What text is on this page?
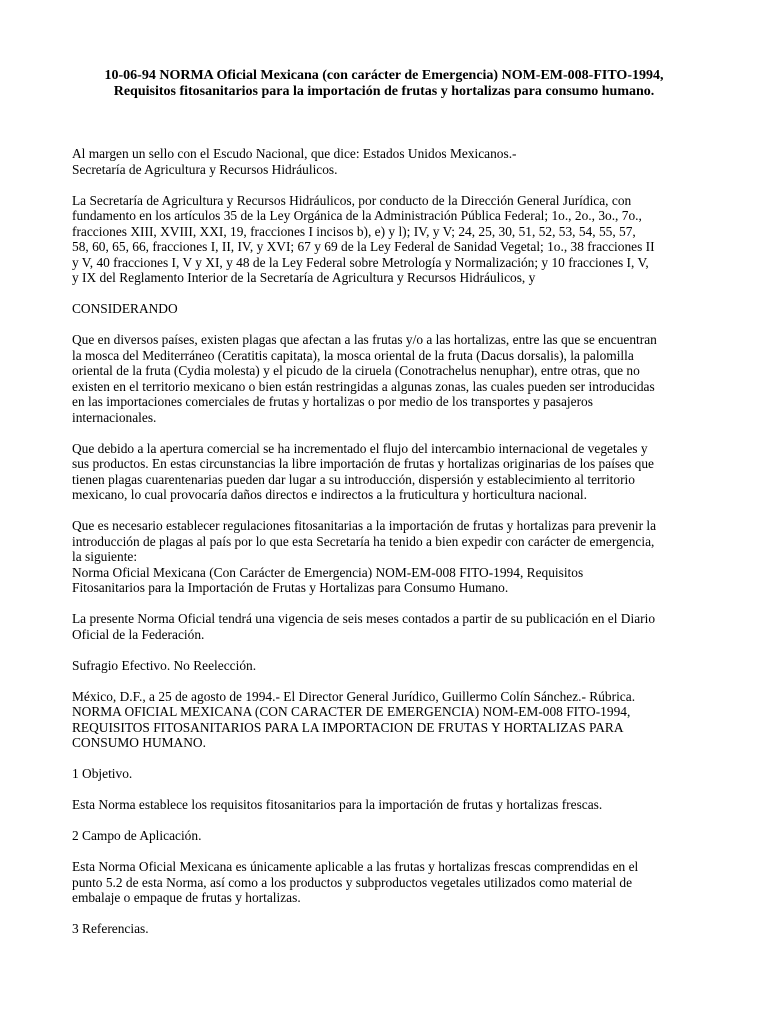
10-06-94 NORMA Oficial Mexicana (con carácter de Emergencia) NOM-EM-008-FITO-1994,
Requisitos fitosanitarios para la importación de frutas y hortalizas para consumo humano.

Al margen un sello con el Escudo Nacional, que dice: Estados Unidos Mexicanos.-
Secretaría de Agricultura y Recursos Hidráulicos.

La Secretaría de Agricultura y Recursos Hidráulicos, por conducto de la Dirección General Jurídica, con
fundamento en los artículos 35 de la Ley Orgánica de la Administración Pública Federal; 1o., 2o., 3o., 7o.,
fracciones XIII, XVIII, XXI, 19, fracciones I incisos b), e) y l); IV, y V; 24, 25, 30, 51, 52, 53, 54, 55, 57,
58, 60, 65, 66, fracciones I, II, IV, y XVI; 67 y 69 de la Ley Federal de Sanidad Vegetal; 1o., 38 fracciones II
y V, 40 fracciones I, V y XI, y 48 de la Ley Federal sobre Metrología y Normalización; y 10 fracciones I, V,
y IX del Reglamento Interior de la Secretaría de Agricultura y Recursos Hidráulicos, y

CONSIDERANDO

Que en diversos países, existen plagas que afectan a las frutas y/o a las hortalizas, entre las que se encuentran
la mosca del Mediterráneo (Ceratitis capitata), la mosca oriental de la fruta (Dacus dorsalis), la palomilla
oriental de la fruta (Cydia molesta) y el picudo de la ciruela (Conotrachelus nenuphar), entre otras, que no
existen en el territorio mexicano o bien están restringidas a algunas zonas, las cuales pueden ser introducidas
en las importaciones comerciales de frutas y hortalizas o por medio de los transportes y pasajeros
internacionales.

Que debido a la apertura comercial se ha incrementado el flujo del intercambio internacional de vegetales y
sus productos. En estas circunstancias la libre importación de frutas y hortalizas originarias de los países que
tienen plagas cuarentenarias pueden dar lugar a su introducción, dispersión y establecimiento al territorio
mexicano, lo cual provocaría daños directos e indirectos a la fruticultura y horticultura nacional.

Que es necesario establecer regulaciones fitosanitarias a la importación de frutas y hortalizas para prevenir la
introducción de plagas al país por lo que esta Secretaría ha tenido a bien expedir con carácter de emergencia,
la siguiente:
Norma Oficial Mexicana (Con Carácter de Emergencia) NOM-EM-008 FITO-1994, Requisitos
Fitosanitarios para la Importación de Frutas y Hortalizas para Consumo Humano.

La presente Norma Oficial tendrá una vigencia de seis meses contados a partir de su publicación en el Diario
Oficial de la Federación.

Sufragio Efectivo. No Reelección.

México, D.F., a 25 de agosto de 1994.- El Director General Jurídico, Guillermo Colín Sánchez.- Rúbrica.
NORMA OFICIAL MEXICANA (CON CARACTER DE EMERGENCIA) NOM-EM-008 FITO-1994,
REQUISITOS FITOSANITARIOS PARA LA IMPORTACION DE FRUTAS Y HORTALIZAS PARA
CONSUMO HUMANO.

1 Objetivo.

Esta Norma establece los requisitos fitosanitarios para la importación de frutas y hortalizas frescas.

2 Campo de Aplicación.

Esta Norma Oficial Mexicana es únicamente aplicable a las frutas y hortalizas frescas comprendidas en el
punto 5.2 de esta Norma, así como a los productos y subproductos vegetales utilizados como material de
embalaje o empaque de frutas y hortalizas.

3 Referencias.
